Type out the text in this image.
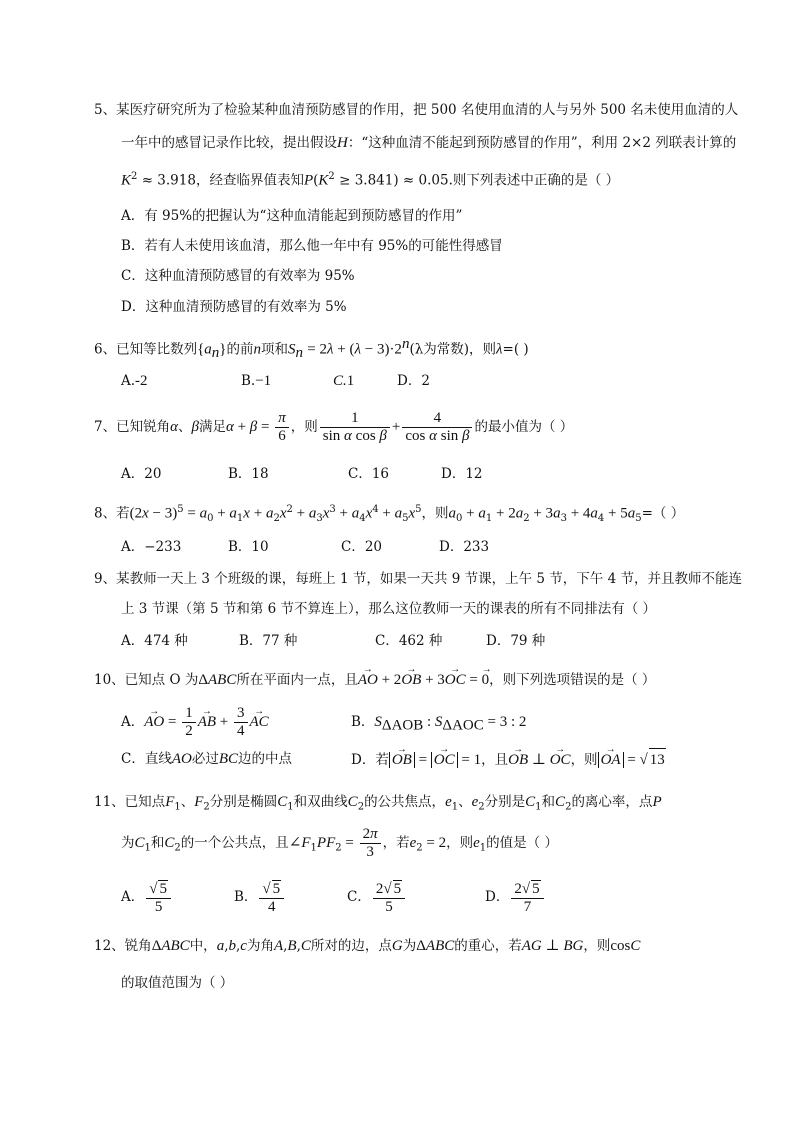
5、某医疗研究所为了检验某种血清预防感冒的作用，把 500 名使用血清的人与另外 500 名未使用血清的人
一年中的感冒记录作比较，提出假设H：“这种血清不能起到预防感冒的作用”，利用 2×2 列联表计算的
$K^2 \approx 3.918$，经查临界值表知$P(K^2 \ge 3.841) \approx 0.05$.则下列表述中正确的是（ ）
A．有 95%的把握认为“这种血清能起到预防感冒的作用”
B．若有人未使用该血清，那么他一年中有 95%的可能性得感冒
C．这种血清预防感冒的有效率为 95%
D．这种血清预防感冒的有效率为 5%
6、已知等比数列$\{a_n\}$的前n项和$S_n = 2\lambda + (\lambda - 3)\cdot 2^n(\lambda$为常数)，则λ=( )
A.-2	B.−1	C.1	D．2
7、已知锐角α、β满足$\alpha + \beta = \frac{\pi}{6}$ ，则 $\frac{1}{\text{sin α cos β}} + \frac{4}{\text{cos α sin β}}$ 的最小值为（ ）
A．20	B．18	C．16	D．12
8、若$(2x - 3)^5 = a_0 + a_1x + a_2x^2 + a_3x^3 + a_4x^4 + a_5x^5$，则$a_0 + a_1 + 2a_2 + 3a_3 + 4a_4 + 5a_5=$（ ）
A．−233	B．10	C．20	D．233
9、某教师一天上 3 个班级的课，每班上 1 节，如果一天共 9 节课，上午 5 节，下午 4 节，并且教师不能连
上 3 节课（第 5 节和第 6 节不算连上），那么这位教师一天的课表的所有不同排法有（ ）
A．474 种	B．77 种	C．462 种	D．79 种
10、已知点 O 为ΔABC所在平面内一点，且→ AO + 2→ OB + 3→ OC = → 0，则下列选项错误的是（ ）
A．→ AO = $\frac{1}{2}$ → AB + $\frac{3}{4}$ → AC	B．$S_{\Delta AOB}$ : $S_{\Delta AOC} = 3$ : 2
C．直线AO必过BC边的中点	D．若 → OB = → OC = 1，且→ OB ⊥ → OC，则 → OA = √ 13
11、已知点$F_1$、$F_2$分别是椭圆$C_1$和双曲线$C_2$的公共焦点，$e_1$、$e_2$分别是$C_1$和$C_2$的离心率，点P
为$C_1$和$C_2$的一个公共点，且$\angle F_1PF_2 = \frac{2\pi}{3}$ ，若$e_2 = 2$，则$e_1$的值是（ ）
A． $\frac{√ 5}{5}$	B． $\frac{√ 5}{4}$	C． $\frac{2√ 5}{5}$	D． $\frac{2√ 5}{7}$
12、锐角ΔABC中，a,b,c为角A,B,C所对的边，点G为ΔABC的重心，若AG ⊥ BG，则cosC
的取值范围为（ ）
